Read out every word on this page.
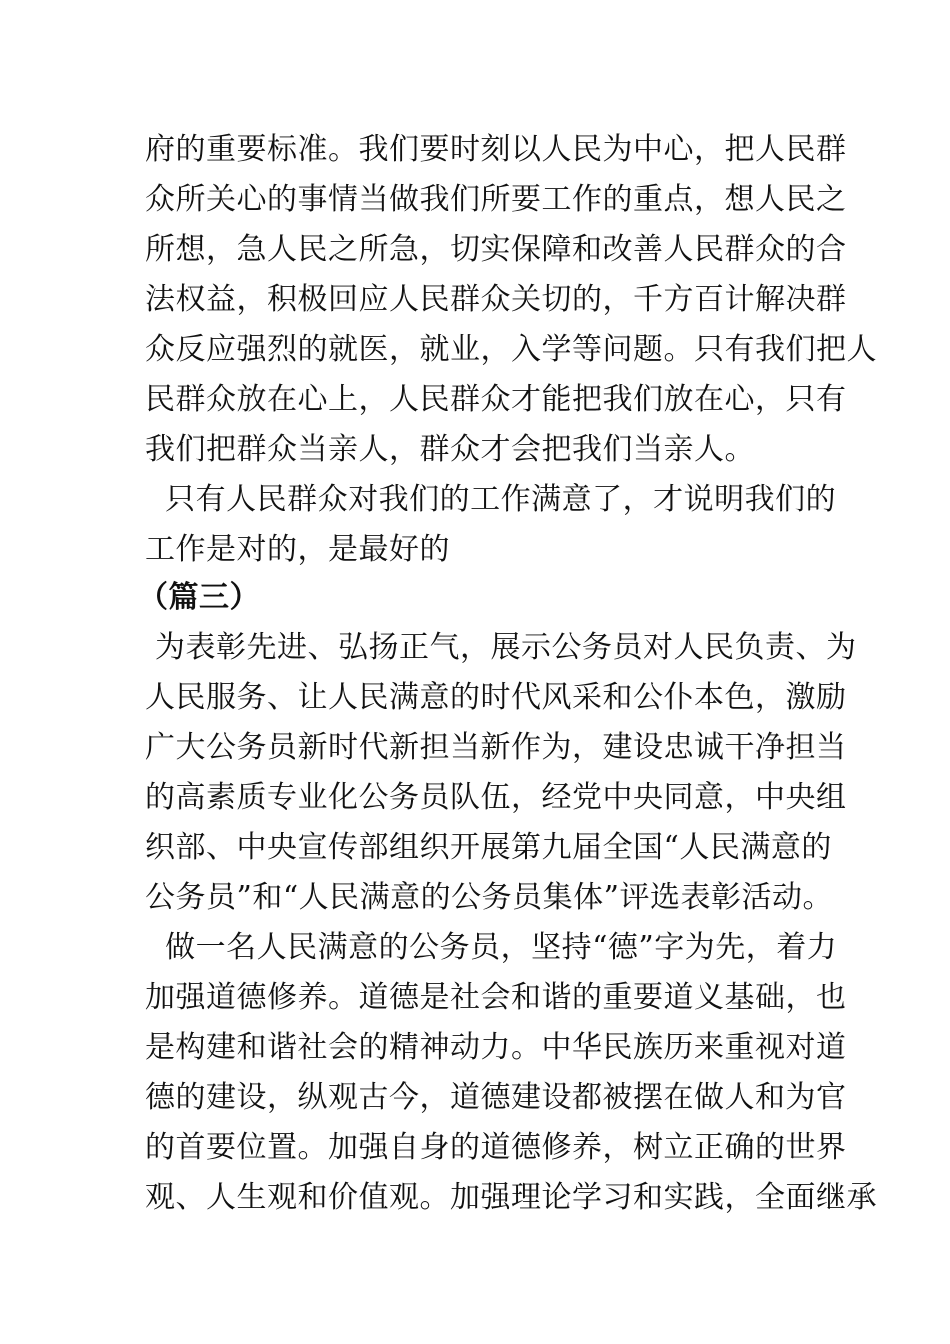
府的重要标准。我们要时刻以人民为中心，把人民群
众所关心的事情当做我们所要工作的重点，想人民之
所想，急人民之所急，切实保障和改善人民群众的合
法权益，积极回应人民群众关切的，千方百计解决群
众反应强烈的就医，就业，入学等问题。只有我们把人
民群众放在心上，人民群众才能把我们放在心，只有
我们把群众当亲人，群众才会把我们当亲人。
只有人民群众对我们的工作满意了，才说明我们的
工作是对的，是最好的
（篇三）
为表彰先进、弘扬正气，展示公务员对人民负责、为
人民服务、让人民满意的时代风采和公仆本色，激励
广大公务员新时代新担当新作为，建设忠诚干净担当
的高素质专业化公务员队伍，经党中央同意，中央组
织部、中央宣传部组织开展第九届全国“人民满意的
公务员”和“人民满意的公务员集体”评选表彰活动。
做一名人民满意的公务员，坚持“德”字为先，着力
加强道德修养。道德是社会和谐的重要道义基础，也
是构建和谐社会的精神动力。中华民族历来重视对道
德的建设，纵观古今，道德建设都被摆在做人和为官
的首要位置。加强自身的道德修养，树立正确的世界
观、人生观和价值观。加强理论学习和实践，全面继承
